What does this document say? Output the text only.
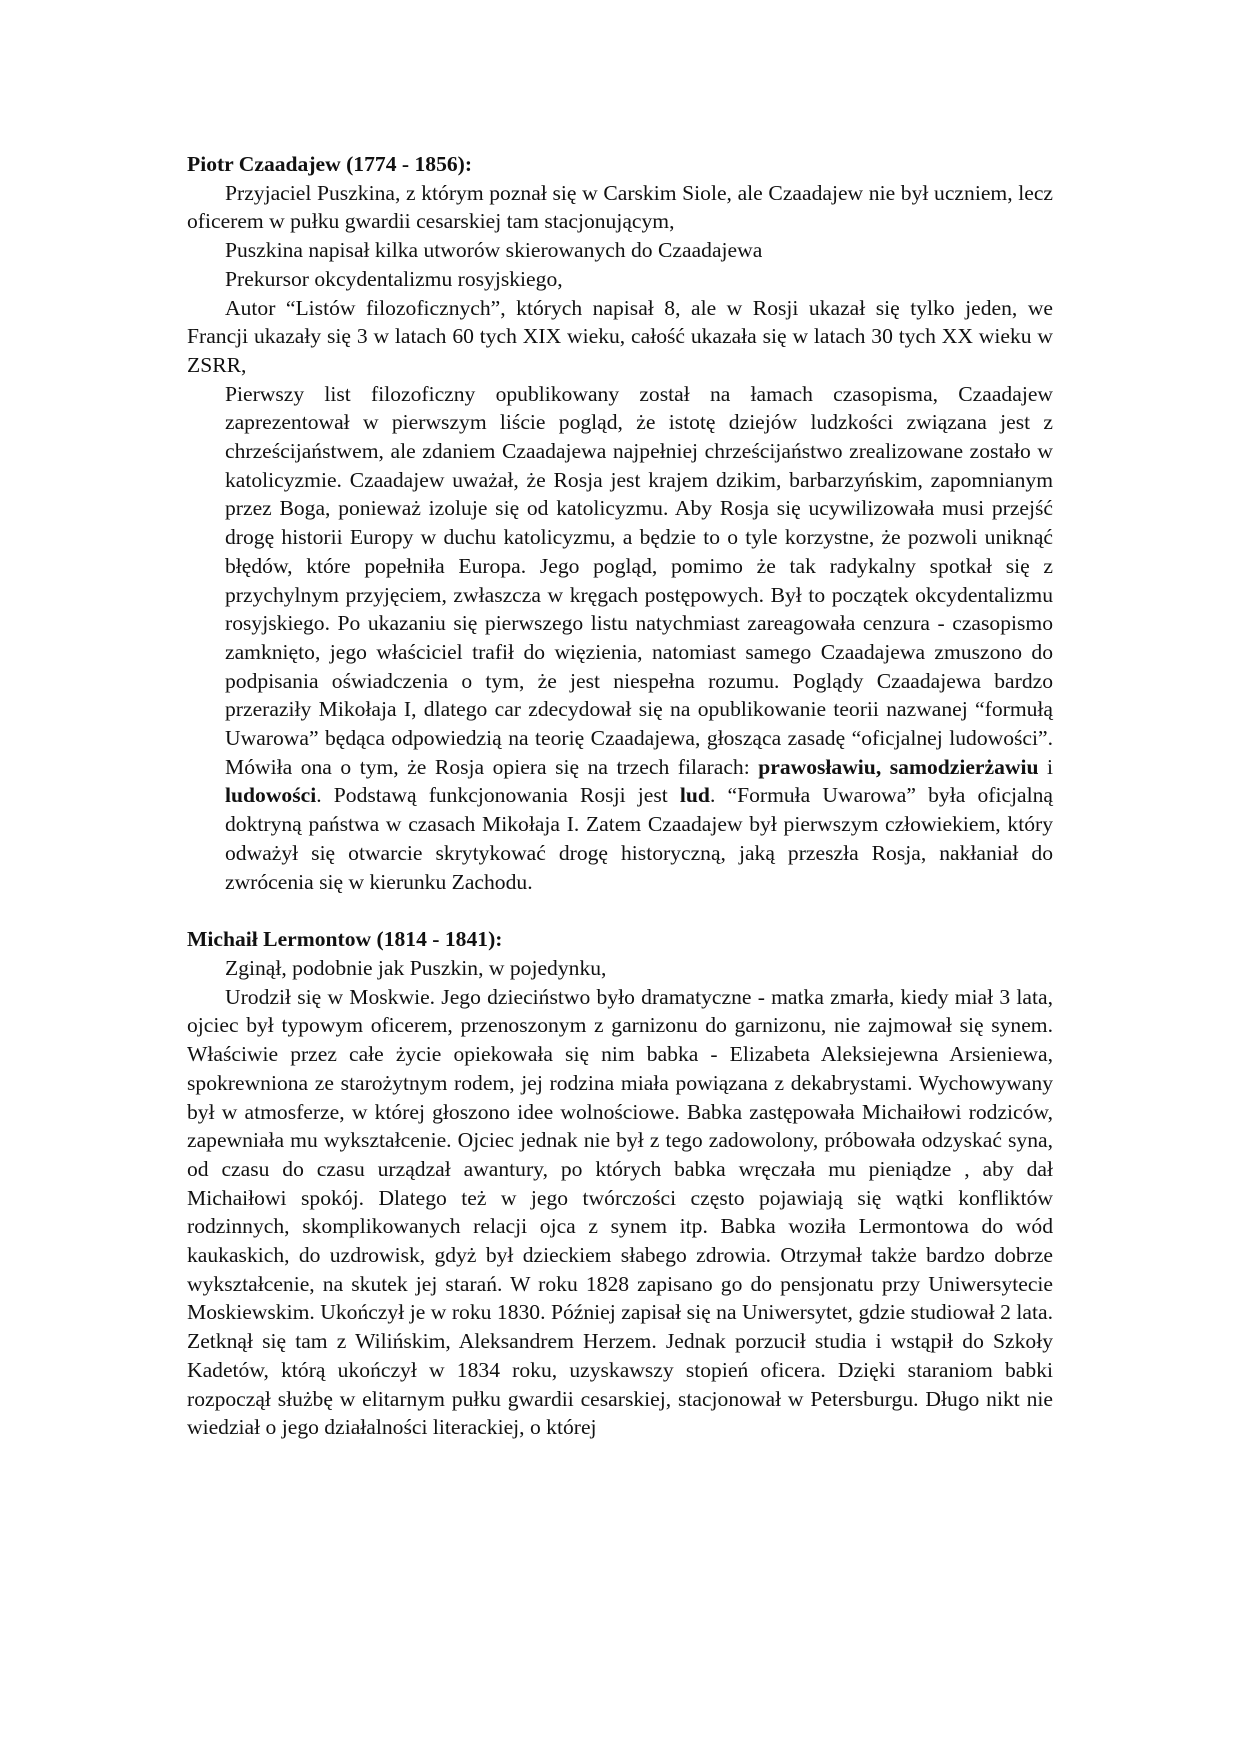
Piotr Czaadajew (1774 - 1856):

Przyjaciel Puszkina, z którym poznał się w Carskim Siole, ale Czaadajew nie był uczniem, lecz oficerem w pułku gwardii cesarskiej tam stacjonującym,

Puszkina napisał kilka utworów skierowanych do Czaadajewa

Prekursor okcydentalizmu rosyjskiego,

Autor “Listów filozoficznych”, których napisał 8, ale w Rosji ukazał się tylko jeden, we Francji ukazały się 3 w latach 60 tych XIX wieku, całość ukazała się w latach 30 tych XX wieku w ZSRR,

Pierwszy list filozoficzny opublikowany został na łamach czasopisma, Czaadajew zaprezentował w pierwszym liście pogląd, że istotę dziejów ludzkości związana jest z chrześcijaństwem, ale zdaniem Czaadajewa najpełniej chrześcijaństwo zrealizowane zostało w katolicyzmie. Czaadajew uważał, że Rosja jest krajem dzikim, barbarzyńskim, zapomnianym przez Boga, ponieważ izoluje się od katolicyzmu. Aby Rosja się ucywilizowała musi przejść drogę historii Europy w duchu katolicyzmu, a będzie to o tyle korzystne, że pozwoli uniknąć błędów, które popełniła Europa. Jego pogląd, pomimo że tak radykalny spotkał się z przychylnym przyjęciem, zwłaszcza w kręgach postępowych. Był to początek okcydentalizmu rosyjskiego. Po ukazaniu się pierwszego listu natychmiast zareagowała cenzura - czasopismo zamknięto, jego właściciel trafił do więzienia, natomiast samego Czaadajewa zmuszono do podpisania oświadczenia o tym, że jest niespełna rozumu. Poglądy Czaadajewa bardzo przeraziły Mikołaja I, dlatego car zdecydował się na opublikowanie teorii nazwanej “formułą Uwarowa” będąca odpowiedzią na teorię Czaadajewa, głosząca zasadę “oficjalnej ludowości”. Mówiła ona o tym, że Rosja opiera się na trzech filarach: prawosławiu, samodzierżawiu i ludowości. Podstawą funkcjonowania Rosji jest lud. “Formuła Uwarowa” była oficjalną doktryną państwa w czasach Mikołaja I. Zatem Czaadajew był pierwszym człowiekiem, który odważył się otwarcie skrytykować drogę historyczną, jaką przeszła Rosja, nakłaniał do zwrócenia się w kierunku Zachodu.

Michaił Lermontow (1814 - 1841):

Zginął, podobnie jak Puszkin, w pojedynku,

Urodził się w Moskwie. Jego dzieciństwo było dramatyczne - matka zmarła, kiedy miał 3 lata, ojciec był typowym oficerem, przenoszonym z garnizonu do garnizonu, nie zajmował się synem. Właściwie przez całe życie opiekowała się nim babka - Elizabeta Aleksiejewna Arsieniewa, spokrewniona ze starożytnym rodem, jej rodzina miała powiązana z dekabrystami. Wychowywany był w atmosferze, w której głoszono idee wolnościowe. Babka zastępowała Michaiłowi rodziców, zapewniała mu wykształcenie. Ojciec jednak nie był z tego zadowolony, próbowała odzyskać syna, od czasu do czasu urządzał awantury, po których babka wręczała mu pieniądze , aby dał Michaiłowi spokój. Dlatego też w jego twórczości często pojawiają się wątki konfliktów rodzinnych, skomplikowanych relacji ojca z synem itp. Babka woziła Lermontowa do wód kaukaskich, do uzdrowisk, gdyż był dzieckiem słabego zdrowia. Otrzymał także bardzo dobrze wykształcenie, na skutek jej starań. W roku 1828 zapisano go do pensjonatu przy Uniwersytecie Moskiewskim. Ukończył je w roku 1830. Później zapisał się na Uniwersytet, gdzie studiował 2 lata. Zetknął się tam z Wilińskim, Aleksandrem Herzem. Jednak porzucił studia i wstąpił do Szkoły Kadetów, którą ukończył w 1834 roku, uzyskawszy stopień oficera. Dzięki staraniom babki rozpoczął służbę w elitarnym pułku gwardii cesarskiej, stacjonował w Petersburgu. Długo nikt nie wiedział o jego działalności literackiej, o której
